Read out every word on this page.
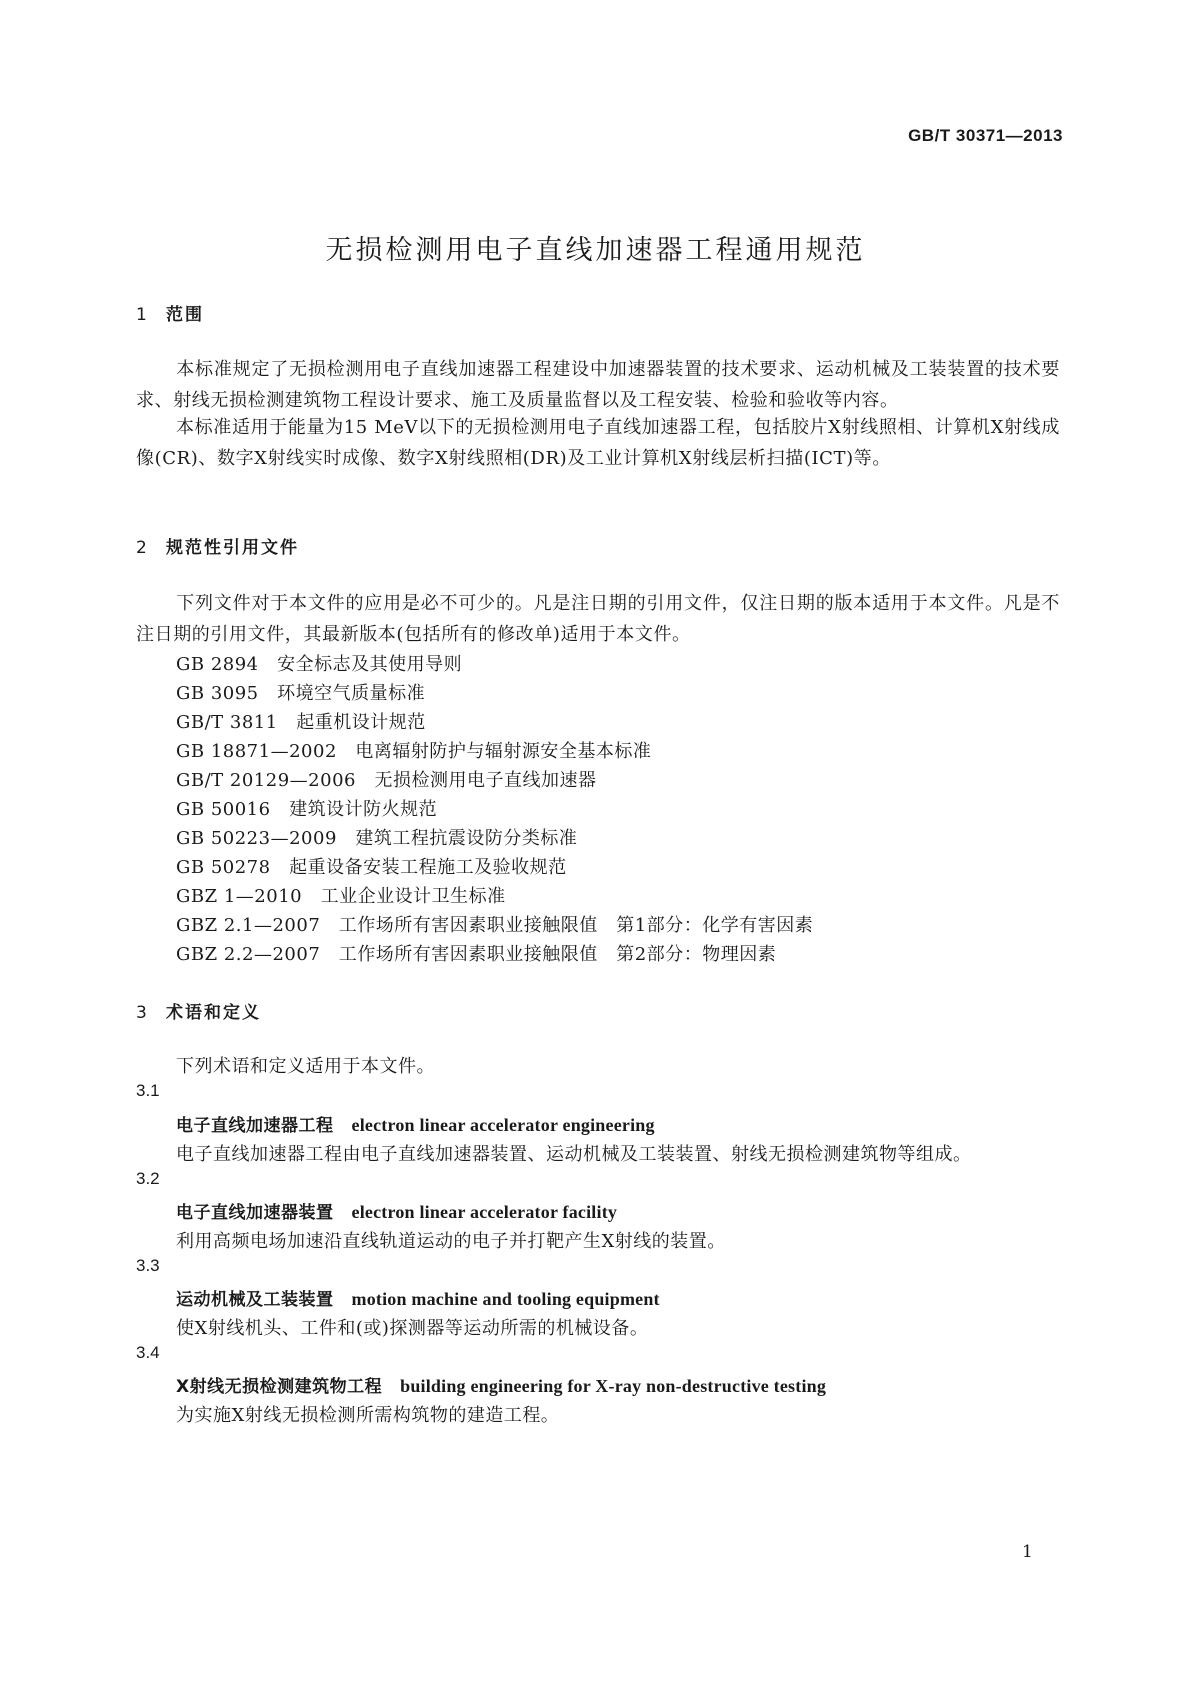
GB/T 30371—2013
无损检测用电子直线加速器工程通用规范
1 范围
本标准规定了无损检测用电子直线加速器工程建设中加速器装置的技术要求、运动机械及工装装置的技术要求、射线无损检测建筑物工程设计要求、施工及质量监督以及工程安装、检验和验收等内容。
本标准适用于能量为15 MeV以下的无损检测用电子直线加速器工程，包括胶片X射线照相、计算机X射线成像(CR)、数字X射线实时成像、数字X射线照相(DR)及工业计算机X射线层析扫描(ICT)等。
2 规范性引用文件
下列文件对于本文件的应用是必不可少的。凡是注日期的引用文件，仅注日期的版本适用于本文件。凡是不注日期的引用文件，其最新版本(包括所有的修改单)适用于本文件。
GB 2894　 安全标志及其使用导则
GB 3095　 环境空气质量标准
GB/T 3811　 起重机设计规范
GB 18871—2002　 电离辐射防护与辐射源安全基本标准
GB/T 20129—2006　 无损检测用电子直线加速器
GB 50016　 建筑设计防火规范
GB 50223—2009　 建筑工程抗震设防分类标准
GB 50278　 起重设备安装工程施工及验收规范
GBZ 1—2010　 工业企业设计卫生标准
GBZ 2.1—2007　 工作场所有害因素职业接触限值　第1部分：化学有害因素
GBZ 2.2—2007　 工作场所有害因素职业接触限值　第2部分：物理因素
3 术语和定义
下列术语和定义适用于本文件。
3.1
电子直线加速器工程 electron linear accelerator engineering
电子直线加速器工程由电子直线加速器装置、运动机械及工装装置、射线无损检测建筑物等组成。
3.2
电子直线加速器装置 electron linear accelerator facility
利用高频电场加速沿直线轨道运动的电子并打靶产生X射线的装置。
3.3
运动机械及工装装置 motion machine and tooling equipment
使X射线机头、工件和(或)探测器等运动所需的机械设备。
3.4
X射线无损检测建筑物工程 building engineering for X-ray non-destructive testing
为实施X射线无损检测所需构筑物的建造工程。
1
